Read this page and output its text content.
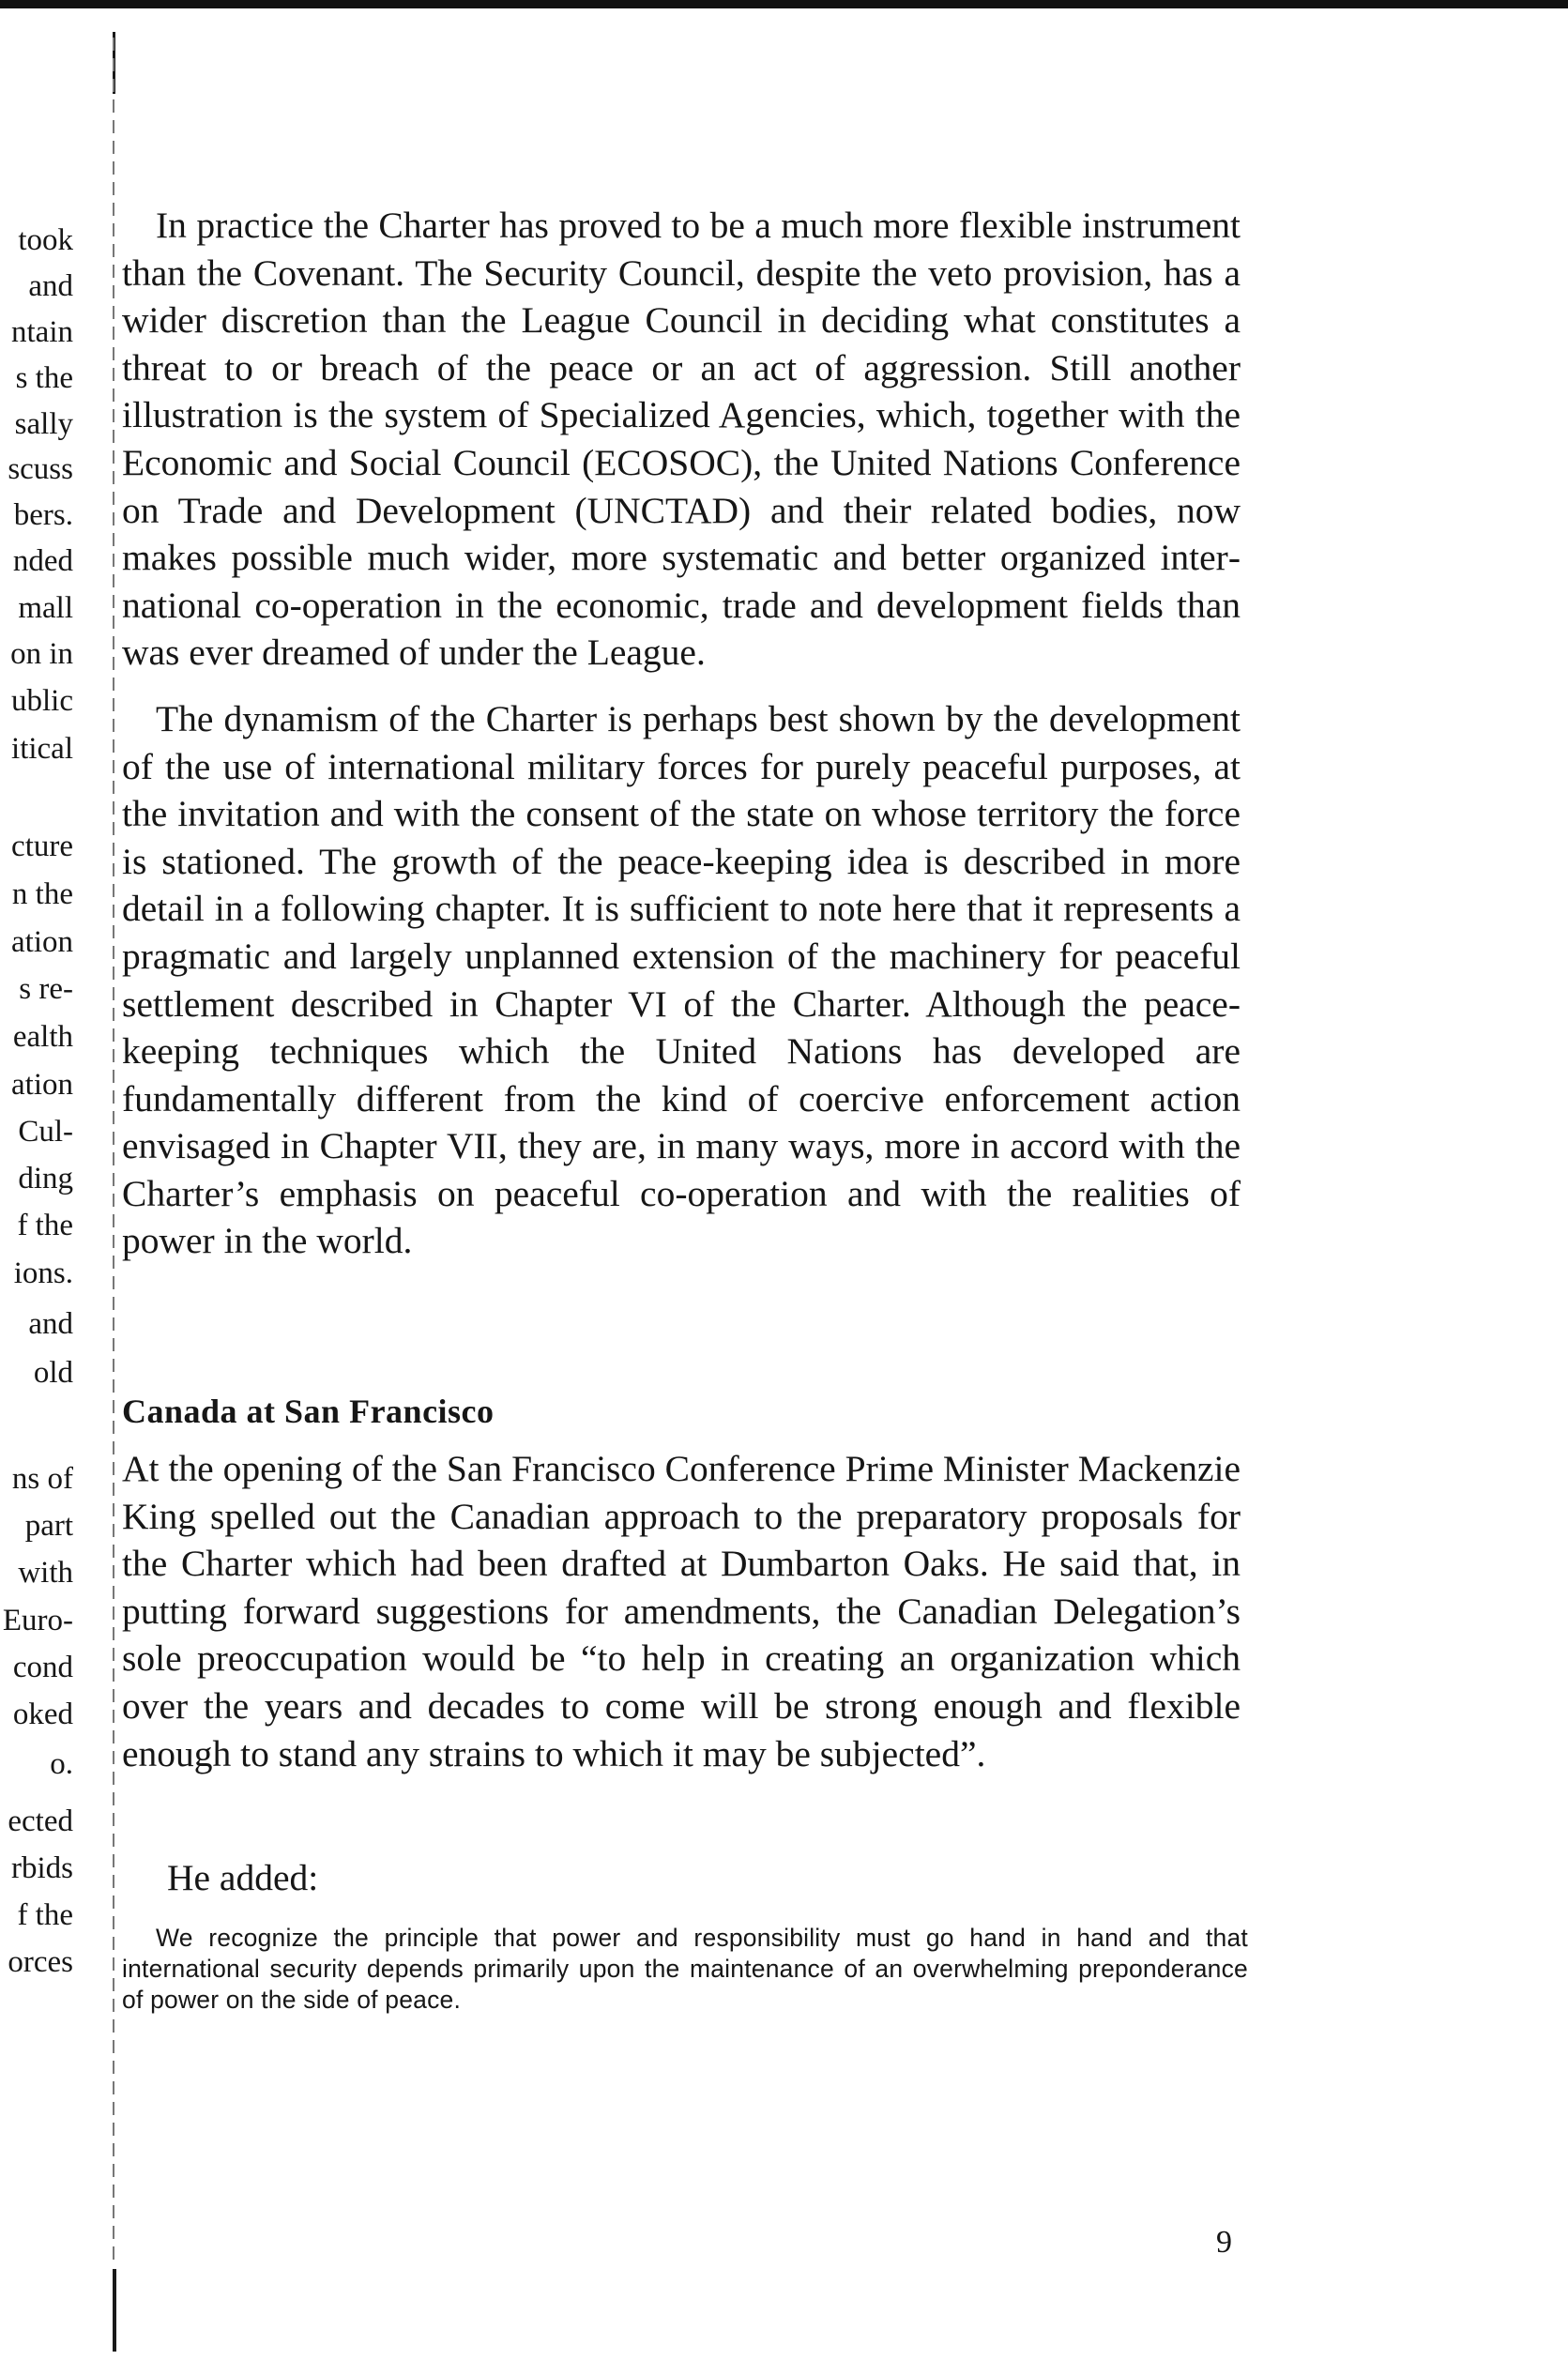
took
and
ntain
s the
sally
scuss
bers.
nded
mall
on in
ublic
itical
cture
n the
ation
s re-
ealth
ation
Cul-
ding
f the
ions.
and
old
ns of
part
with
Euro-
cond
oked
o.
ected
rbids
f the
orces

In practice the Charter has proved to be a much more flexible instrument than the Covenant. The Security Council, despite the veto provision, has a wider discretion than the League Council in deciding what constitutes a threat to or breach of the peace or an act of aggression. Still another illustration is the system of Specialized Agencies, which, together with the Economic and Social Council (ECOSOC), the United Nations Conference on Trade and Development (UNCTAD) and their related bodies, now makes possible much wider, more systematic and better organized international co-operation in the economic, trade and development fields than was ever dreamed of under the League.

The dynamism of the Charter is perhaps best shown by the development of the use of international military forces for purely peaceful purposes, at the invitation and with the consent of the state on whose territory the force is stationed. The growth of the peace-keeping idea is described in more detail in a following chapter. It is sufficient to note here that it represents a pragmatic and largely unplanned extension of the machinery for peaceful settlement described in Chapter VI of the Charter. Although the peacekeeping techniques which the United Nations has developed are fundamentally different from the kind of coercive enforcement action envisaged in Chapter VII, they are, in many ways, more in accord with the Charter’s emphasis on peaceful co-operation and with the realities of power in the world.

Canada at San Francisco

At the opening of the San Francisco Conference Prime Minister Mackenzie King spelled out the Canadian approach to the preparatory proposals for the Charter which had been drafted at Dumbarton Oaks. He said that, in putting forward suggestions for amendments, the Canadian Delegation’s sole preoccupation would be “to help in creating an organization which over the years and decades to come will be strong enough and flexible enough to stand any strains to which it may be subjected”.

He added:

We recognize the principle that power and responsibility must go hand in hand and that international security depends primarily upon the maintenance of an overwhelming preponderance of power on the side of peace.
9
